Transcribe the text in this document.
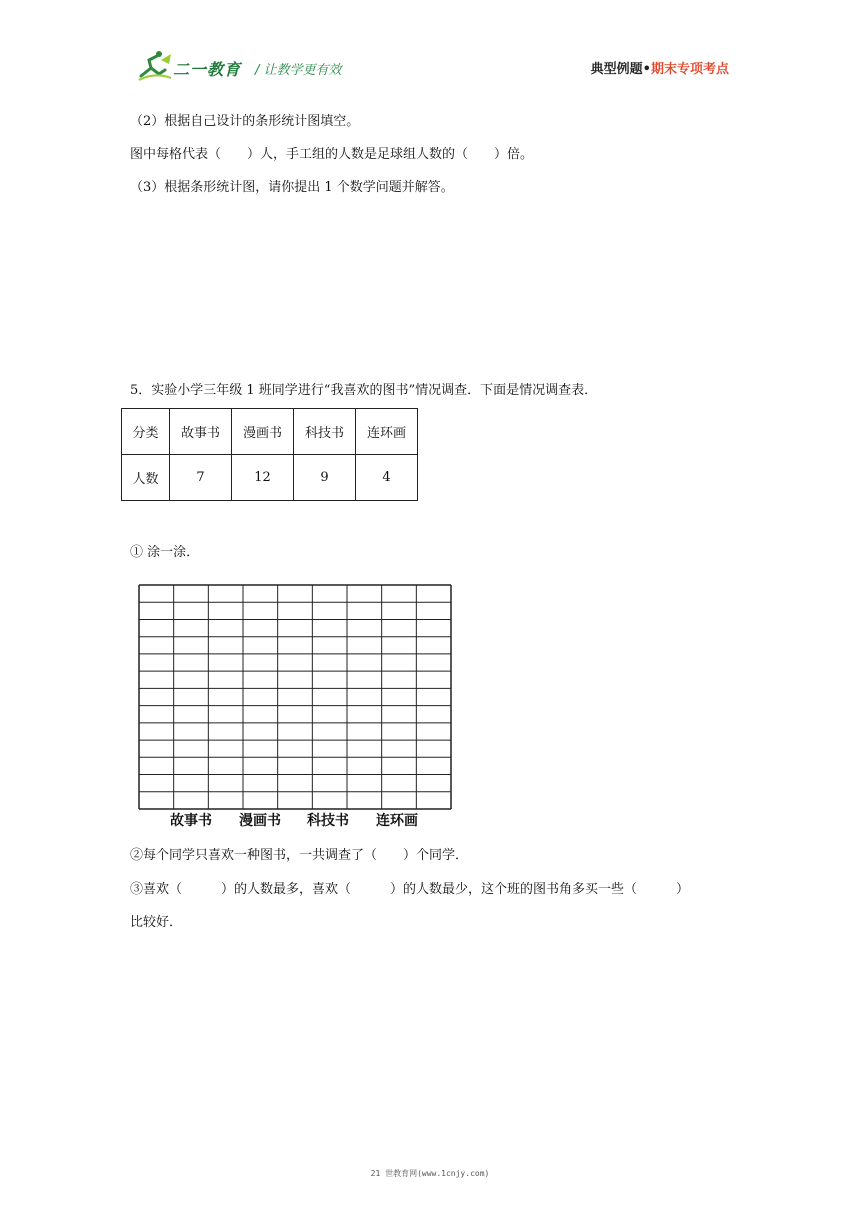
二一教育 / 让教学更有效	典型例题•期末专项考点
（2）根据自己设计的条形统计图填空。
图中每格代表（　　）人，手工组的人数是足球组人数的（　　）倍。
（3）根据条形统计图，请你提出 1 个数学问题并解答。
5．实验小学三年级 1 班同学进行“我喜欢的图书”情况调查．下面是情况调查表．
分类	故事书	漫画书	科技书	连环画
人数	7	12	9	4
① 涂一涂．
故事书 漫画书 科技书 连环画
②每个同学只喜欢一种图书，一共调查了（　　）个同学．
③喜欢（　　　）的人数最多，喜欢（　　　）的人数最少，这个班的图书角多买一些（　　　）
比较好．
21 世教育网(www.1cnjy.com)
